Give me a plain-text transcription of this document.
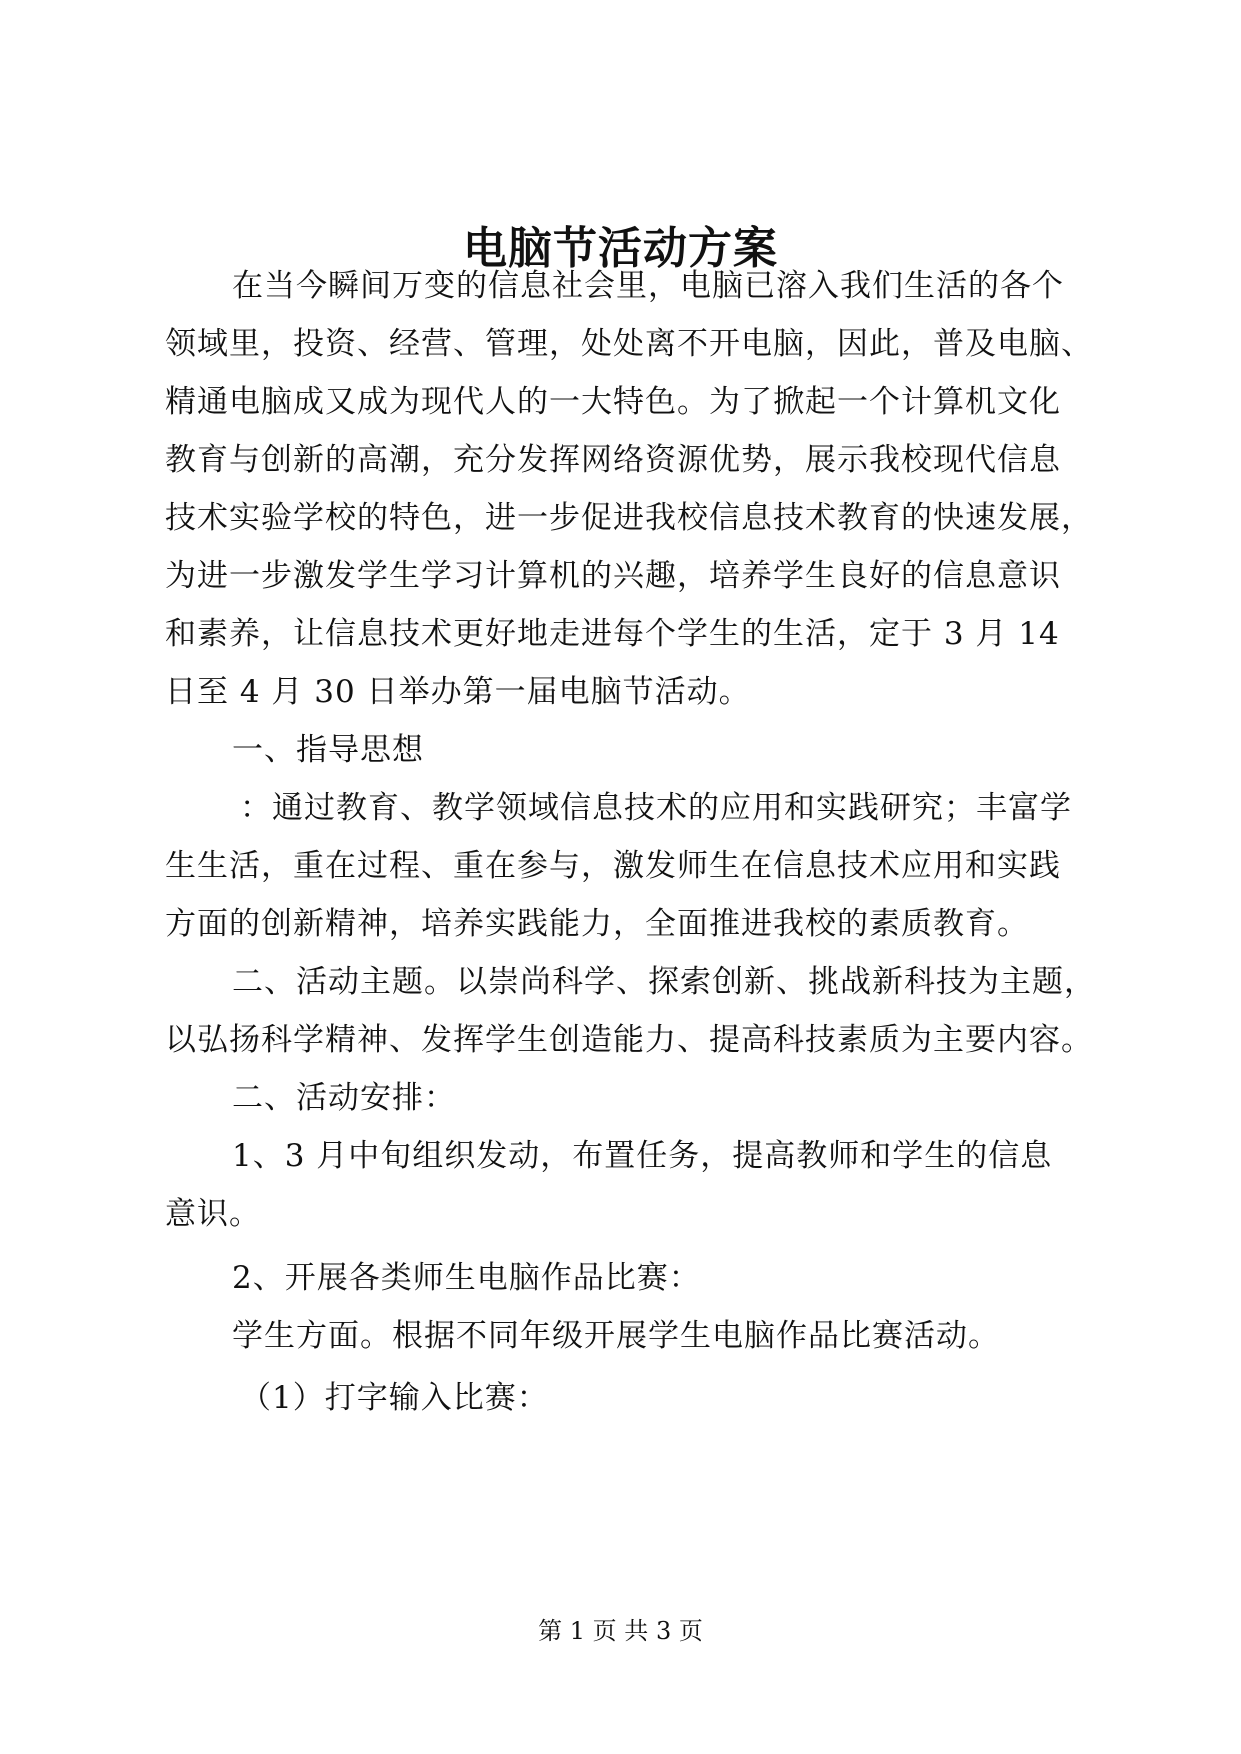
电脑节活动方案
在当今瞬间万变的信息社会里，电脑已溶入我们生活的各个
领域里，投资、经营、管理，处处离不开电脑，因此，普及电脑、
精通电脑成又成为现代人的一大特色。为了掀起一个计算机文化
教育与创新的高潮，充分发挥网络资源优势，展示我校现代信息
技术实验学校的特色，进一步促进我校信息技术教育的快速发展，
为进一步激发学生学习计算机的兴趣，培养学生良好的信息意识
和素养，让信息技术更好地走进每个学生的生活，定于 3 月 14
日至 4 月 30 日举办第一届电脑节活动。
一、指导思想
：通过教育、教学领域信息技术的应用和实践研究；丰富学
生生活，重在过程、重在参与，激发师生在信息技术应用和实践
方面的创新精神，培养实践能力，全面推进我校的素质教育。
二、活动主题。以崇尚科学、探索创新、挑战新科技为主题，
以弘扬科学精神、发挥学生创造能力、提高科技素质为主要内容。
二、活动安排：
1、3 月中旬组织发动，布置任务，提高教师和学生的信息
意识。
2、开展各类师生电脑作品比赛：
学生方面。根据不同年级开展学生电脑作品比赛活动。
（1）打字输入比赛：
第 1 页 共 3 页
